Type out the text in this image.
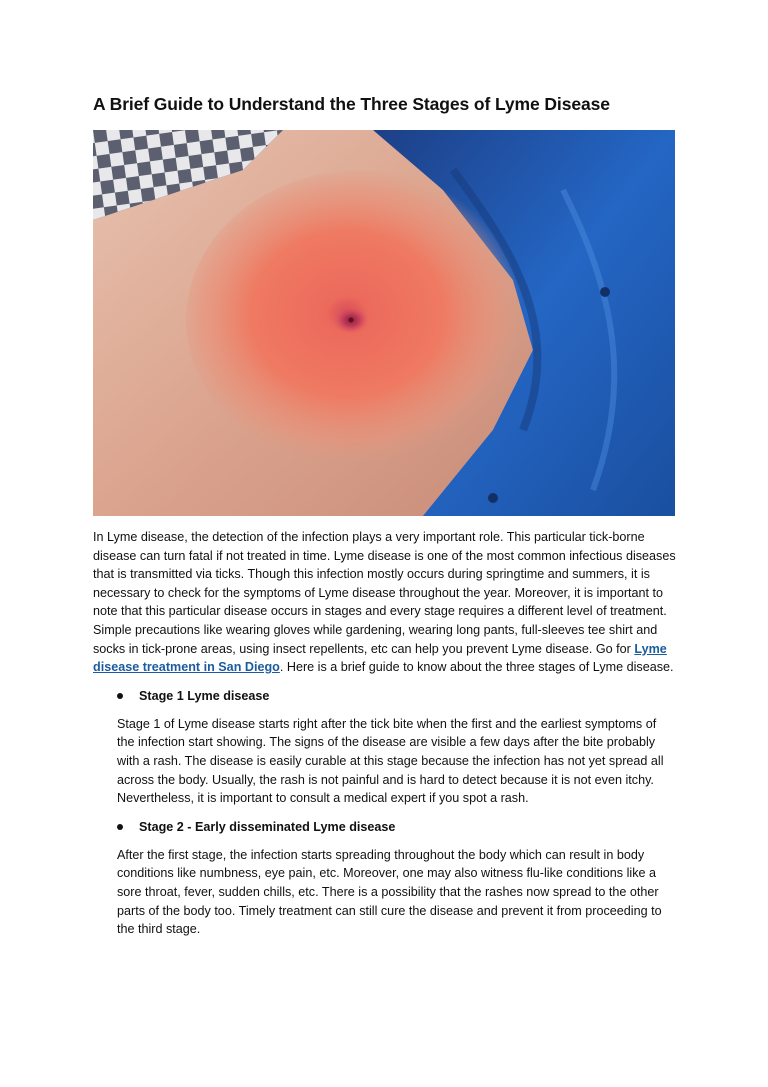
A Brief Guide to Understand the Three Stages of Lyme Disease

In Lyme disease, the detection of the infection plays a very important role. This particular tick-borne disease can turn fatal if not treated in time. Lyme disease is one of the most common infectious diseases that is transmitted via ticks. Though this infection mostly occurs during springtime and summers, it is necessary to check for the symptoms of Lyme disease throughout the year. Moreover, it is important to note that this particular disease occurs in stages and every stage requires a different level of treatment. Simple precautions like wearing gloves while gardening, wearing long pants, full-sleeves tee shirt and socks in tick-prone areas, using insect repellents, etc can help you prevent Lyme disease. Go for Lyme disease treatment in San Diego. Here is a brief guide to know about the three stages of Lyme disease.

Stage 1 Lyme disease

Stage 1 of Lyme disease starts right after the tick bite when the first and the earliest symptoms of the infection start showing. The signs of the disease are visible a few days after the bite probably with a rash. The disease is easily curable at this stage because the infection has not yet spread all across the body. Usually, the rash is not painful and is hard to detect because it is not even itchy. Nevertheless, it is important to consult a medical expert if you spot a rash.

Stage 2 - Early disseminated Lyme disease

After the first stage, the infection starts spreading throughout the body which can result in body conditions like numbness, eye pain, etc. Moreover, one may also witness flu-like conditions like a sore throat, fever, sudden chills, etc. There is a possibility that the rashes now spread to the other parts of the body too. Timely treatment can still cure the disease and prevent it from proceeding to the third stage.
